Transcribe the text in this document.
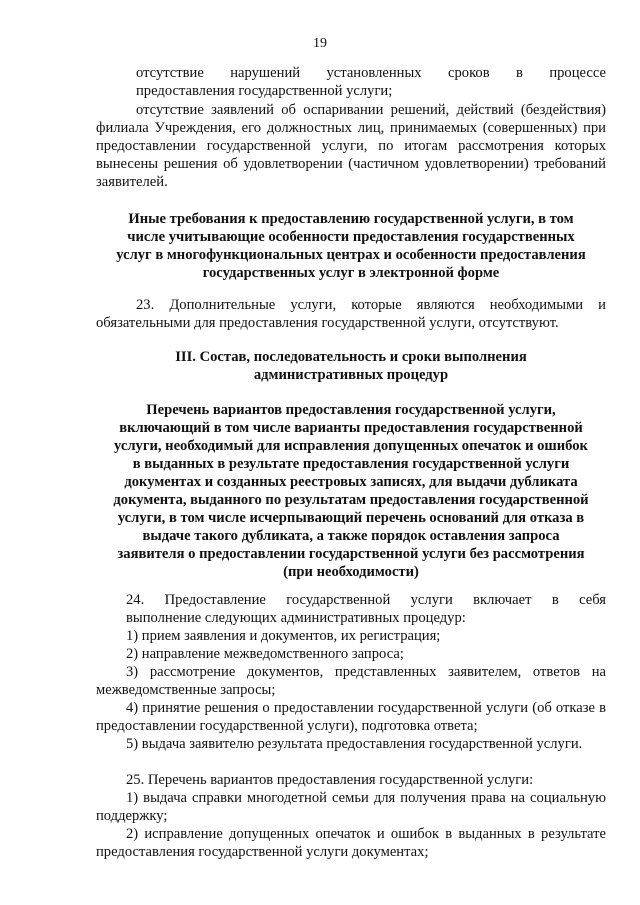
19

отсутствие нарушений установленных сроков в процессе
предоставления государственной услуги;

отсутствие заявлений об оспаривании решений, действий (бездействия) филиала Учреждения, его должностных лиц, принимаемых (совершенных) при предоставлении государственной услуги, по итогам рассмотрения которых вынесены решения об удовлетворении (частичном удовлетворении) требований заявителей.

Иные требования к предоставлению государственной услуги, в том
числе учитывающие особенности предоставления государственных
услуг в многофункциональных центрах и особенности предоставления
государственных услуг в электронной форме

23. Дополнительные услуги, которые являются необходимыми и обязательными для предоставления государственной услуги, отсутствуют.

III. Состав, последовательность и сроки выполнения
административных процедур

Перечень вариантов предоставления государственной услуги,
включающий в том числе варианты предоставления государственной
услуги, необходимый для исправления допущенных опечаток и ошибок
в выданных в результате предоставления государственной услуги
документах и созданных реестровых записях, для выдачи дубликата
документа, выданного по результатам предоставления государственной
услуги, в том числе исчерпывающий перечень оснований для отказа в
выдаче такого дубликата, а также порядок оставления запроса
заявителя о предоставлении государственной услуги без рассмотрения
(при необходимости)

24. Предоставление государственной услуги включает в себя
выполнение следующих административных процедур:

1) прием заявления и документов, их регистрация;

2) направление межведомственного запроса;

3) рассмотрение документов, представленных заявителем, ответов на межведомственные запросы;

4) принятие решения о предоставлении государственной услуги (об отказе в предоставлении государственной услуги), подготовка ответа;

5) выдача заявителю результата предоставления государственной услуги.

25. Перечень вариантов предоставления государственной услуги:

1) выдача справки многодетной семьи для получения права на социальную поддержку;

2) исправление допущенных опечаток и ошибок в выданных в результате предоставления государственной услуги документах;
